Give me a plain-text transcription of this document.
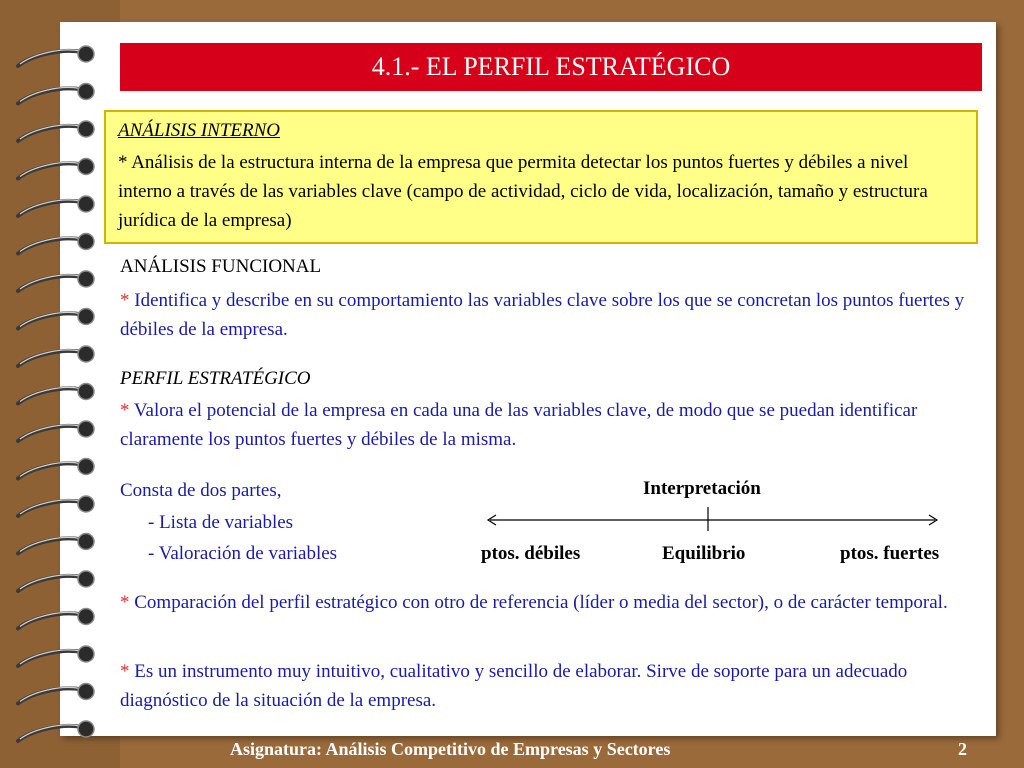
4.1.- EL PERFIL ESTRATÉGICO
ANÁLISIS INTERNO
* Análisis de la estructura interna de la empresa que permita detectar los puntos fuertes y débiles a nivel interno a través de las variables clave (campo de actividad, ciclo de vida, localización, tamaño y estructura jurídica de la empresa)
ANÁLISIS FUNCIONAL
* Identifica y describe en su comportamiento las variables clave sobre los que se concretan los puntos fuertes y débiles de la empresa.
PERFIL ESTRATÉGICO
* Valora el potencial de la empresa en cada una de las variables clave, de modo que se puedan identificar claramente los puntos fuertes y débiles de la misma.
Consta de dos partes,
- Lista de variables
- Valoración de variables
Interpretación
ptos. débiles	Equilibrio	ptos. fuertes
* Comparación del perfil estratégico con otro de referencia (líder o media del sector), o de carácter temporal.
* Es un instrumento muy intuitivo, cualitativo y sencillo de elaborar. Sirve de soporte para un adecuado diagnóstico de la situación de la empresa.
Asignatura: Análisis Competitivo de Empresas y Sectores	2
